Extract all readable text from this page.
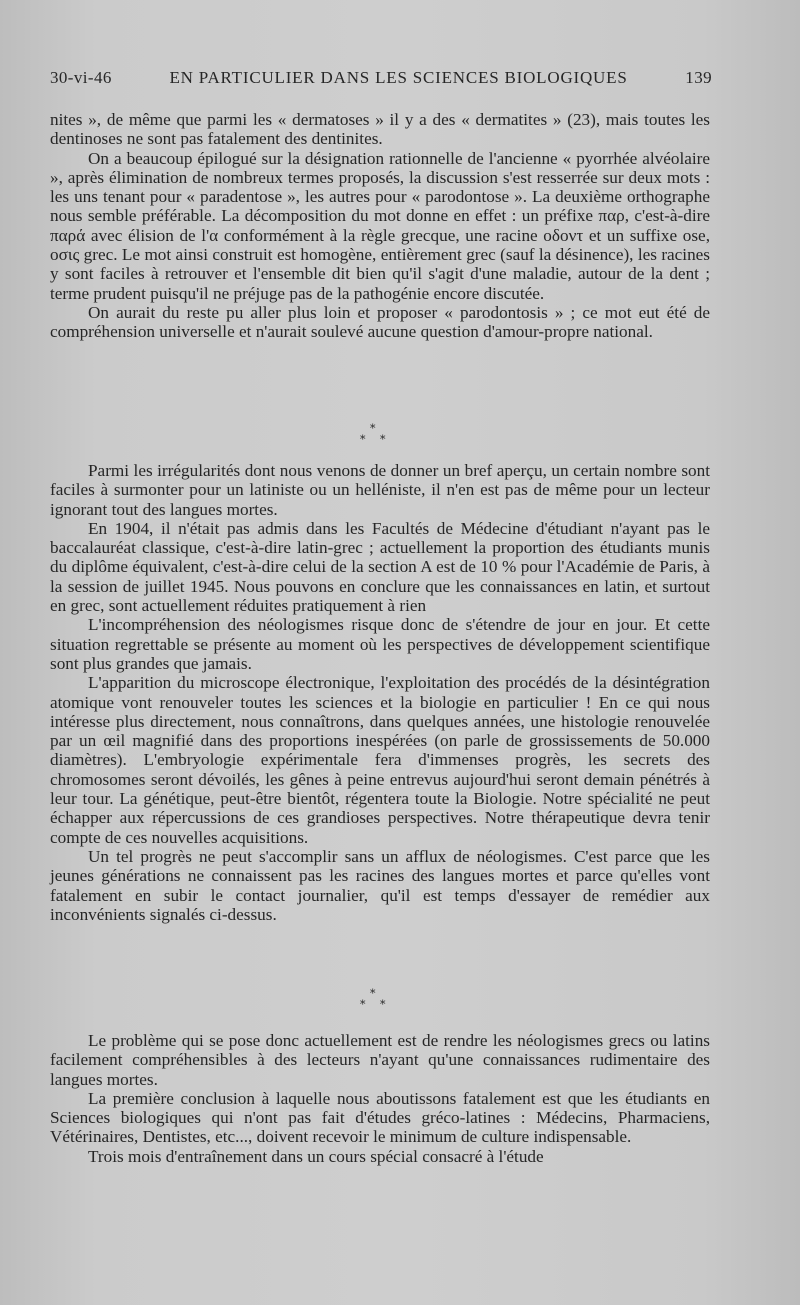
30-vi-46	EN PARTICULIER DANS LES SCIENCES BIOLOGIQUES	139

nites », de même que parmi les « dermatoses » il y a des « dermatites » (23), mais toutes les dentinoses ne sont pas fatalement des dentinites.

On a beaucoup épilogué sur la désignation rationnelle de l'ancienne « pyorrhée alvéolaire », après élimination de nombreux termes proposés, la discussion s'est resserrée sur deux mots : les uns tenant pour « paradentose », les autres pour « parodontose ». La deuxième orthographe nous semble préférable. La décomposition du mot donne en effet : un préfixe παρ, c'est-à-dire παρά avec élision de l'α conformément à la règle grecque, une racine οδοντ et un suffixe ose, οσις grec. Le mot ainsi construit est homogène, entièrement grec (sauf la désinence), les racines y sont faciles à retrouver et l'ensemble dit bien qu'il s'agit d'une maladie, autour de la dent ; terme prudent puisqu'il ne préjuge pas de la pathogénie encore discutée.

On aurait du reste pu aller plus loin et proposer « parodontosis » ; ce mot eut été de compréhension universelle et n'aurait soulevé aucune question d'amour-propre national.

*
* *

Parmi les irrégularités dont nous venons de donner un bref aperçu, un certain nombre sont faciles à surmonter pour un latiniste ou un helléniste, il n'en est pas de même pour un lecteur ignorant tout des langues mortes.

En 1904, il n'était pas admis dans les Facultés de Médecine d'étudiant n'ayant pas le baccalauréat classique, c'est-à-dire latin-grec ; actuellement la proportion des étudiants munis du diplôme équivalent, c'est-à-dire celui de la section A est de 10 % pour l'Académie de Paris, à la session de juillet 1945. Nous pouvons en conclure que les connaissances en latin, et surtout en grec, sont actuellement réduites pratiquement à rien

L'incompréhension des néologismes risque donc de s'étendre de jour en jour. Et cette situation regrettable se présente au moment où les perspectives de développement scientifique sont plus grandes que jamais.

L'apparition du microscope électronique, l'exploitation des procédés de la désintégration atomique vont renouveler toutes les sciences et la biologie en particulier ! En ce qui nous intéresse plus directement, nous connaîtrons, dans quelques années, une histologie renouvelée par un œil magnifié dans des proportions inespérées (on parle de grossissements de 50.000 diamètres). L'embryologie expérimentale fera d'immenses progrès, les secrets des chromosomes seront dévoilés, les gênes à peine entrevus aujourd'hui seront demain pénétrés à leur tour. La génétique, peut-être bientôt, régentera toute la Biologie. Notre spécialité ne peut échapper aux répercussions de ces grandioses perspectives. Notre thérapeutique devra tenir compte de ces nouvelles acquisitions.

Un tel progrès ne peut s'accomplir sans un afflux de néologismes. C'est parce que les jeunes générations ne connaissent pas les racines des langues mortes et parce qu'elles vont fatalement en subir le contact journalier, qu'il est temps d'essayer de remédier aux inconvénients signalés ci-dessus.

*
* *

Le problème qui se pose donc actuellement est de rendre les néologismes grecs ou latins facilement compréhensibles à des lecteurs n'ayant qu'une connaissances rudimentaire des langues mortes.

La première conclusion à laquelle nous aboutissons fatalement est que les étudiants en Sciences biologiques qui n'ont pas fait d'études gréco-latines : Médecins, Pharmaciens, Vétérinaires, Dentistes, etc..., doivent recevoir le minimum de culture indispensable.

Trois mois d'entraînement dans un cours spécial consacré à l'étude
